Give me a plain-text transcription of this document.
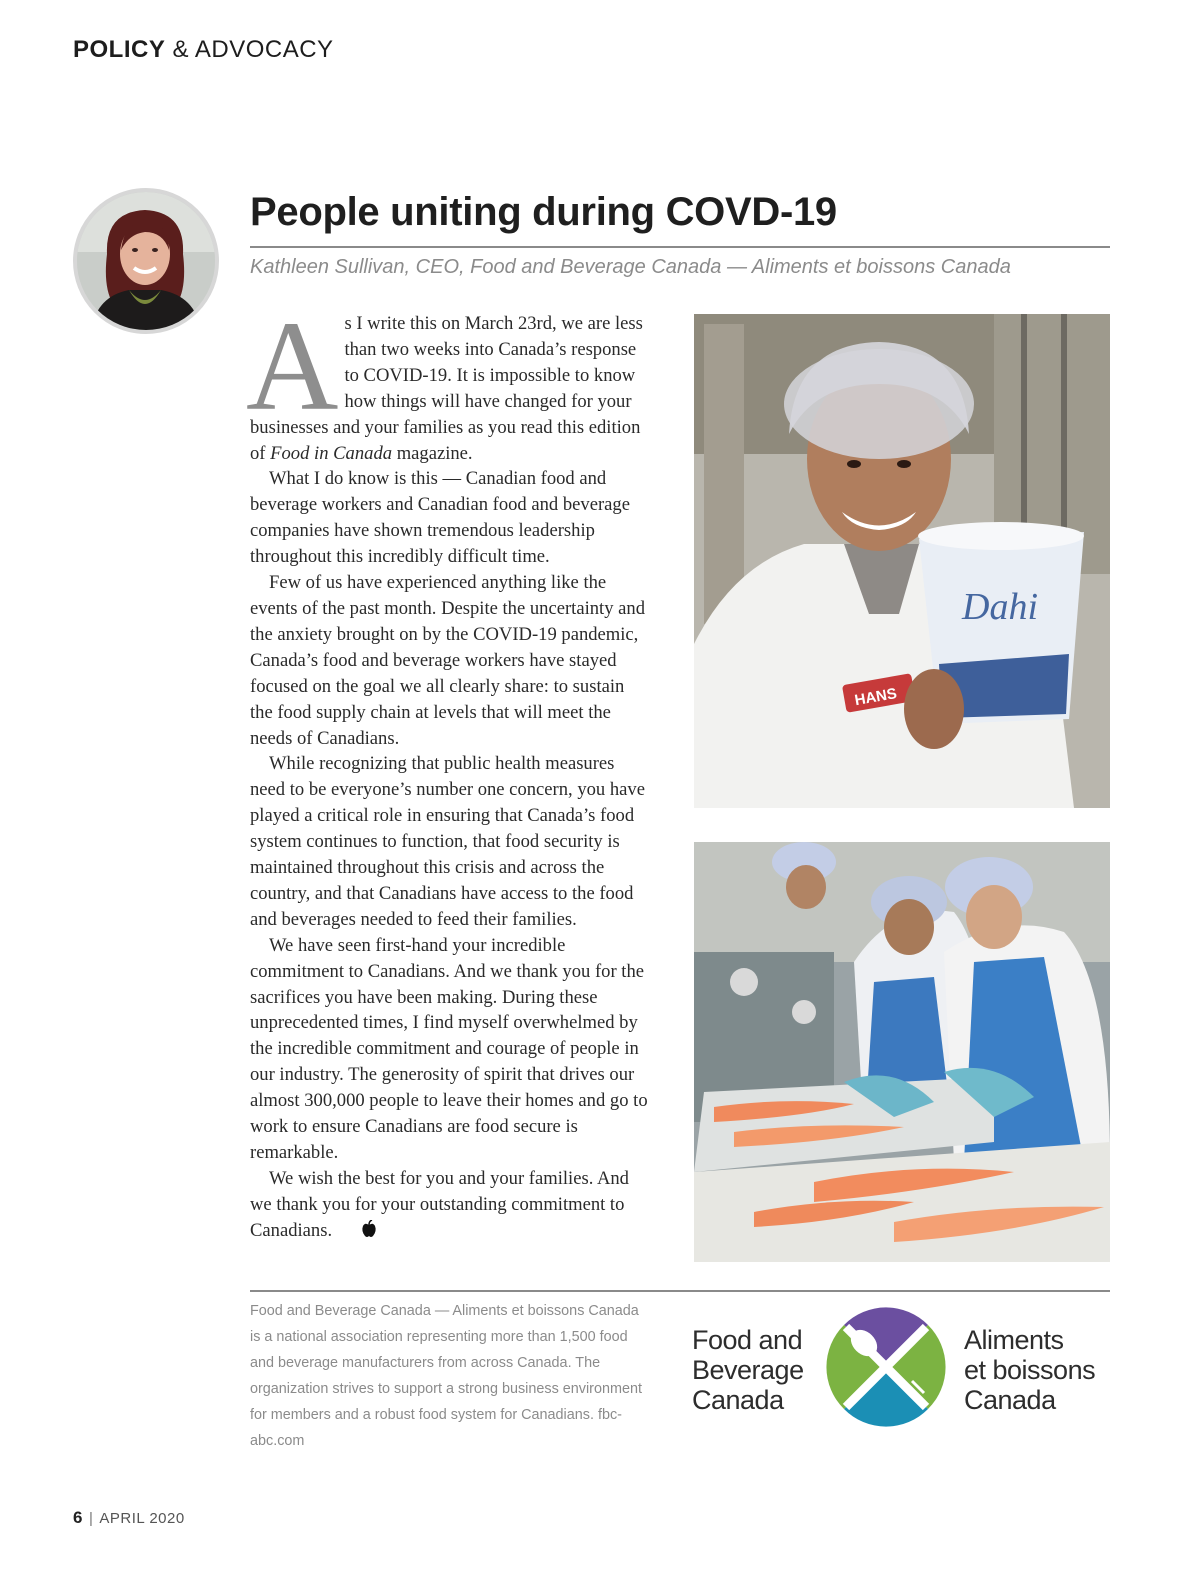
POLICY & ADVOCACY
People uniting during COVD-19
Kathleen Sullivan, CEO, Food and Beverage Canada — Aliments et boissons Canada

As I write this on March 23rd, we are less than two weeks into Canada’s response to COVID-19. It is impossible to know how things will have changed for your businesses and your families as you read this edition of Food in Canada magazine.

What I do know is this — Canadian food and beverage workers and Canadian food and beverage companies have shown tremendous leadership throughout this incredibly difficult time.

Few of us have experienced anything like the events of the past month. Despite the uncertainty and the anxiety brought on by the COVID-19 pandemic, Canada’s food and beverage workers have stayed focused on the goal we all clearly share: to sustain the food supply chain at levels that will meet the needs of Canadians.

While recognizing that public health measures need to be everyone’s number one concern, you have played a critical role in ensuring that Canada’s food system continues to function, that food security is maintained throughout this crisis and across the country, and that Canadians have access to the food and beverages needed to feed their families.

We have seen first-hand your incredible commitment to Canadians. And we thank you for the sacrifices you have been making. During these unprecedented times, I find myself overwhelmed by the incredible commitment and courage of people in our industry. The generosity of spirit that drives our almost 300,000 people to leave their homes and go to work to ensure Canadians are food secure is remarkable.

We wish the best for you and your families. And we thank you for your outstanding commitment to Canadians.

HANS
Dahi
Food and Beverage Canada — Aliments et boissons Canada is a national association representing more than 1,500 food and beverage manufacturers from across Canada. The organization strives to support a strong business environment for members and a robust food system for Canadians. fbc-abc.com
Food and
Beverage
Canada
Aliments
et boissons
Canada
6 | APRIL 2020
